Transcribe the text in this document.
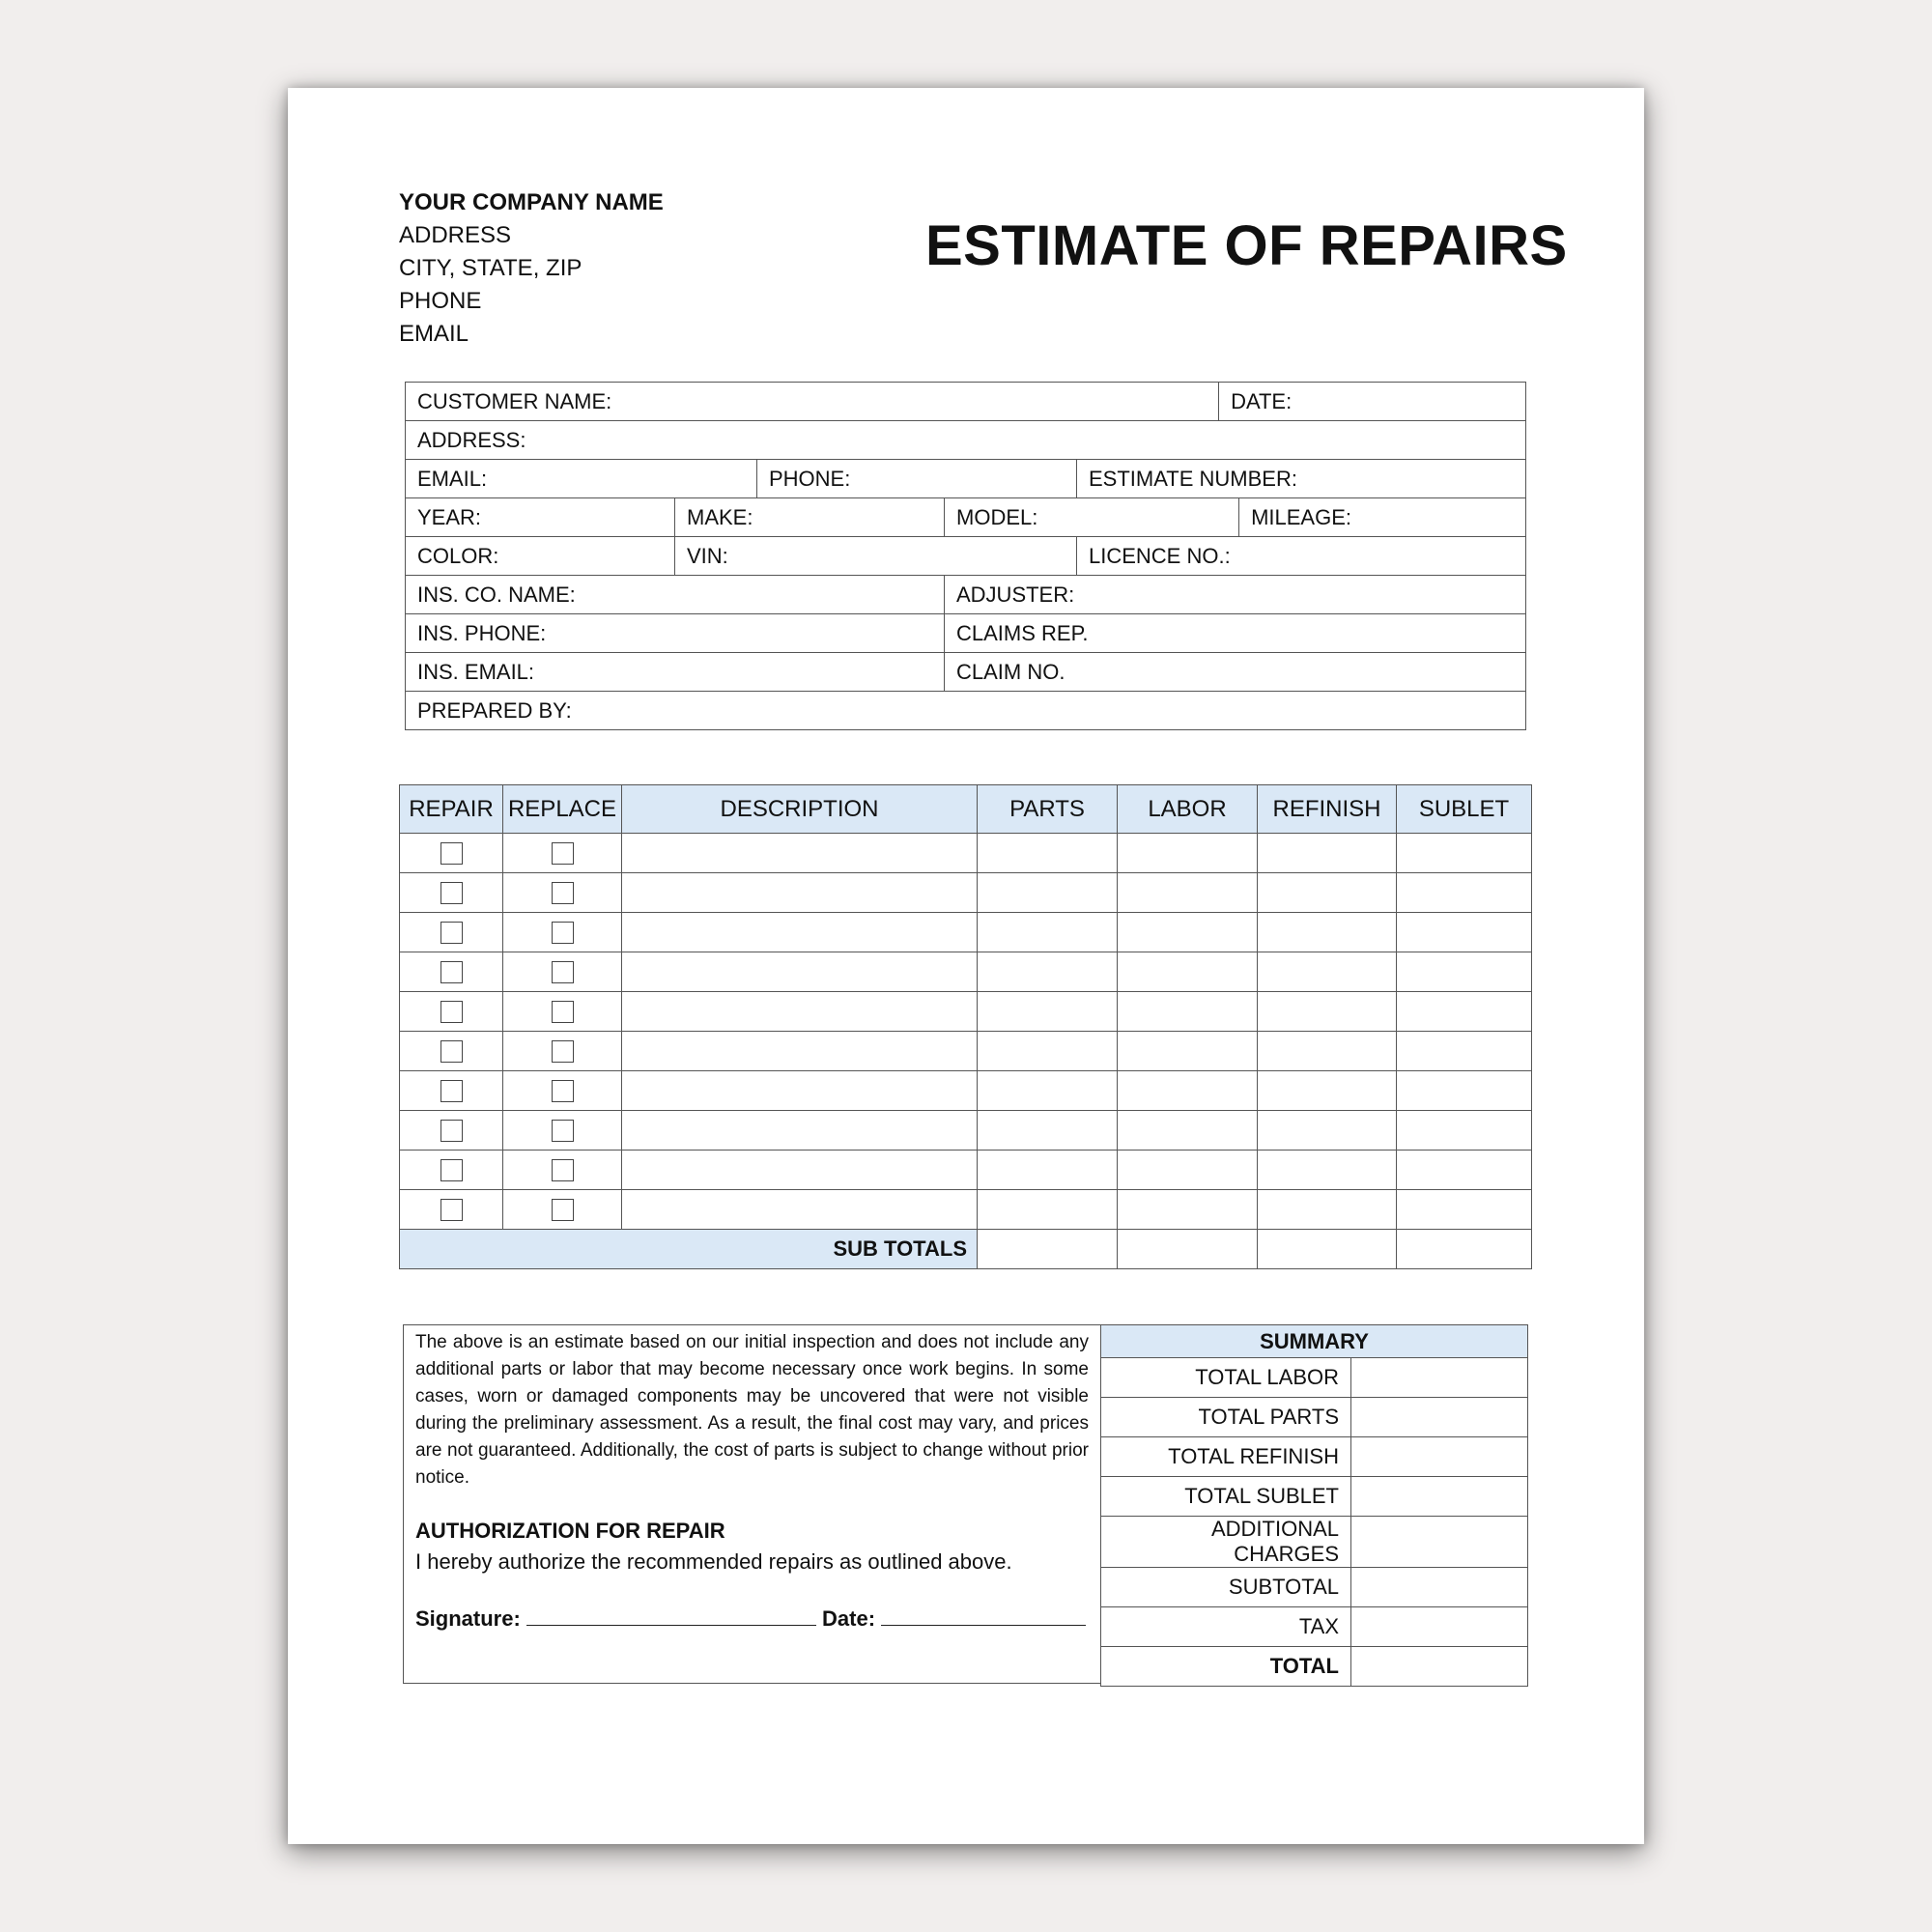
YOUR COMPANY NAME
ADDRESS
CITY, STATE, ZIP
PHONE
EMAIL
ESTIMATE OF REPAIRS
CUSTOMER NAME:					DATE:	
ADDRESS:						
EMAIL:		PHONE:		ESTIMATE NUMBER:		
YEAR:	MAKE:		MODEL:			MILEAGE:
COLOR:	VIN:			LICENCE NO.:		
INS. CO. NAME:			ADJUSTER:			
INS. PHONE:			CLAIMS REP.			
INS. EMAIL:			CLAIM NO.			
PREPARED BY:						
REPAIR	REPLACE	DESCRIPTION	PARTS	LABOR	REFINISH	SUBLET

SUB TOTALS						

The above is an estimate based on our initial inspection and does not include any additional parts or labor that may become necessary once work begins. In some cases, worn or damaged components may be uncovered that were not visible during the preliminary assessment. As a result, the final cost may vary, and prices are not guaranteed. Additionally, the cost of parts is subject to change without prior notice.

AUTHORIZATION FOR REPAIR
I hereby authorize the recommended repairs as outlined above.
Signature:	Date:
SUMMARY	
TOTAL LABOR	
TOTAL PARTS	
TOTAL REFINISH	
TOTAL SUBLET	
ADDITIONAL CHARGES	
SUBTOTAL	
TAX	
TOTAL	
